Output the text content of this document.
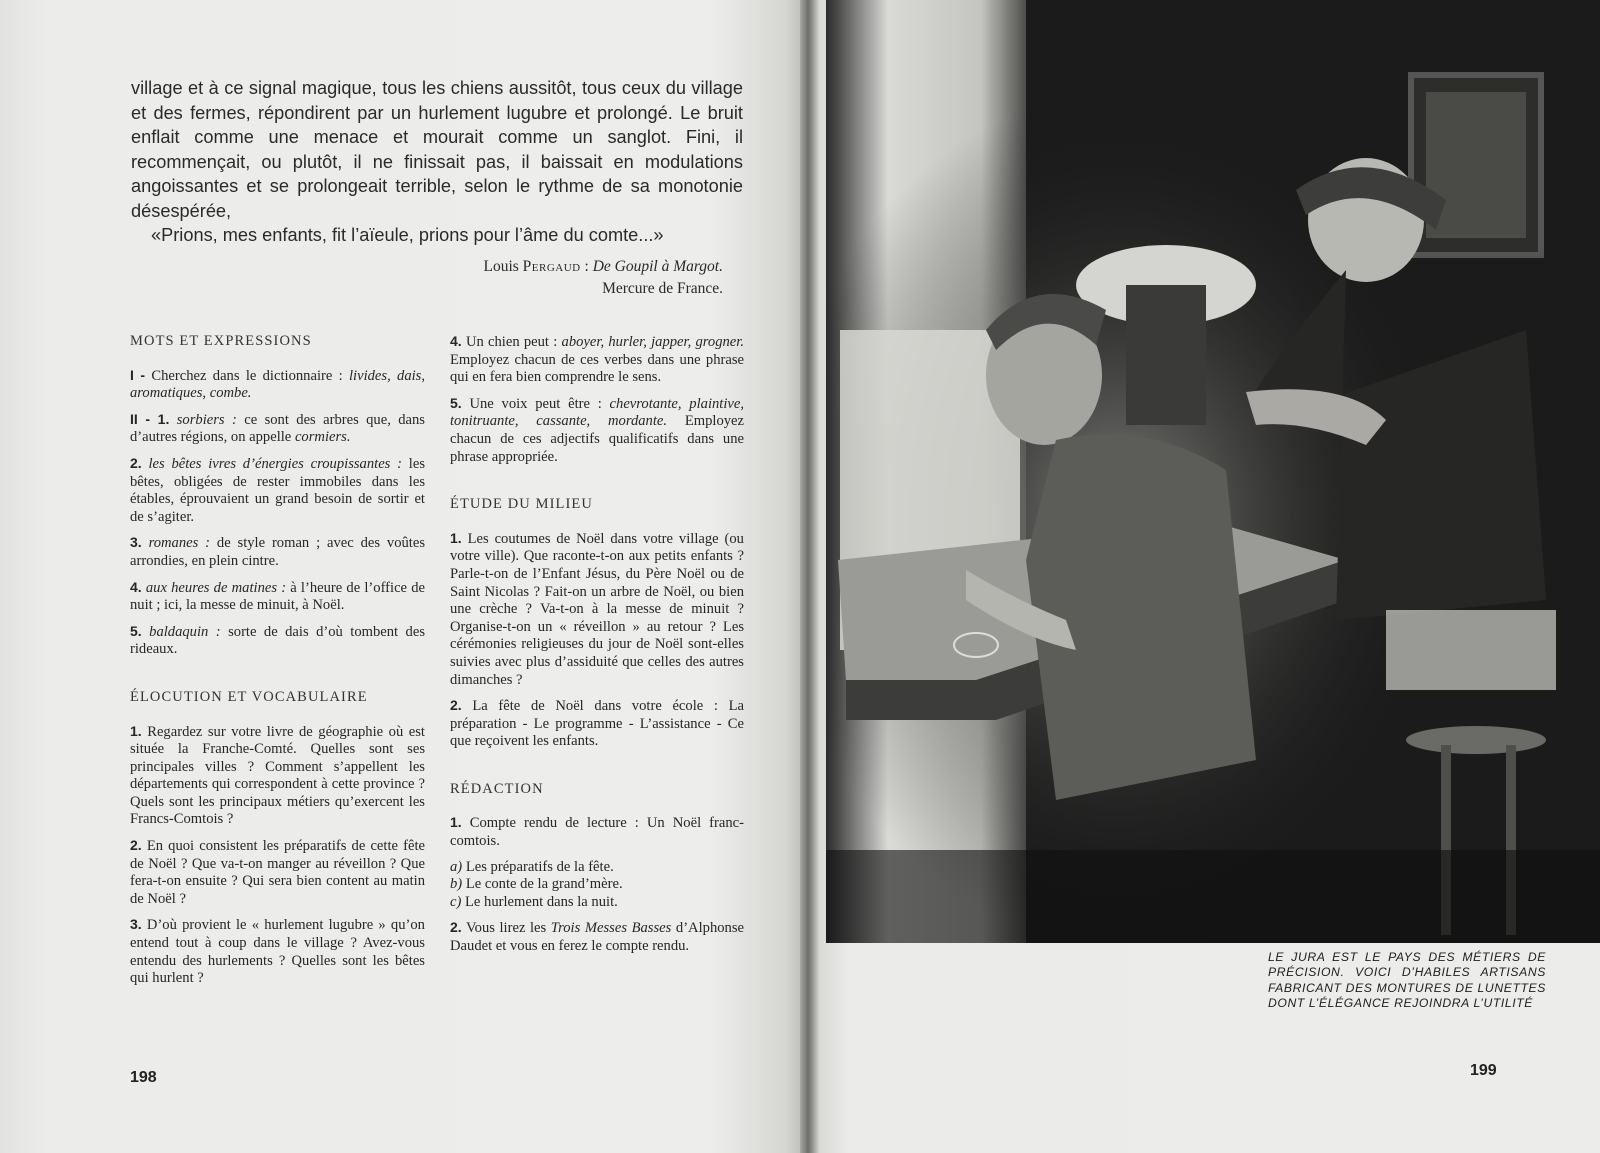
village et à ce signal magique, tous les chiens aussitôt, tous ceux du village et des fermes, répondirent par un hurlement lugubre et prolongé. Le bruit enflait comme une menace et mourait comme un sanglot. Fini, il recommençait, ou plutôt, il ne finissait pas, il baissait en modulations angoissantes et se prolongeait terrible, selon le rythme de sa monotonie désespérée,

«Prions, mes enfants, fit l’aïeule, prions pour l’âme du comte...»

Louis Pergaud : De Goupil à Margot.
Mercure de France.
MOTS ET EXPRESSIONS

I - Cherchez dans le dictionnaire : livides, dais, aromatiques, combe.

II - 1. sorbiers : ce sont des arbres que, dans d’autres régions, on appelle cormiers.

2. les bêtes ivres d’énergies croupissantes : les bêtes, obligées de rester immobiles dans les étables, éprouvaient un grand besoin de sortir et de s’agiter.

3. romanes : de style roman ; avec des voûtes arrondies, en plein cintre.

4. aux heures de matines : à l’heure de l’office de nuit ; ici, la messe de minuit, à Noël.

5. baldaquin : sorte de dais d’où tombent des rideaux.

ÉLOCUTION ET VOCABULAIRE

1. Regardez sur votre livre de géographie où est située la Franche-Comté. Quelles sont ses principales villes ? Comment s’appellent les départements qui correspondent à cette province ? Quels sont les principaux métiers qu’exercent les Francs-Comtois ?

2. En quoi consistent les préparatifs de cette fête de Noël ? Que va-t-on manger au réveillon ? Que fera-t-on ensuite ? Qui sera bien content au matin de Noël ?

3. D’où provient le « hurlement lugubre » qu’on entend tout à coup dans le village ? Avez-vous entendu des hurlements ? Quelles sont les bêtes qui hurlent ?

4. Un chien peut : aboyer, hurler, japper, grogner. Employez chacun de ces verbes dans une phrase qui en fera bien comprendre le sens.

5. Une voix peut être : chevrotante, plaintive, tonitruante, cassante, mordante. Employez chacun de ces adjectifs qualificatifs dans une phrase appropriée.

ÉTUDE DU MILIEU

1. Les coutumes de Noël dans votre village (ou votre ville). Que raconte-t-on aux petits enfants ? Parle-t-on de l’Enfant Jésus, du Père Noël ou de Saint Nicolas ? Fait-on un arbre de Noël, ou bien une crèche ? Va-t-on à la messe de minuit ? Organise-t-on un « réveillon » au retour ? Les cérémonies religieuses du jour de Noël sont-elles suivies avec plus d’assiduité que celles des autres dimanches ?

2. La fête de Noël dans votre école : La préparation - Le programme - L’assistance - Ce que reçoivent les enfants.

RÉDACTION

1. Compte rendu de lecture : Un Noël franc-comtois.

a) Les préparatifs de la fête.

b) Le conte de la grand’mère.

c) Le hurlement dans la nuit.

2. Vous lirez les Trois Messes Basses d’Alphonse Daudet et vous en ferez le compte rendu.

198
LE JURA EST LE PAYS DES MÉTIERS DE PRÉCISION. VOICI D’HABILES ARTISANS FABRICANT DES MONTURES DE LUNETTES DONT L’ÉLÉGANCE REJOINDRA L’UTILITÉ
199
